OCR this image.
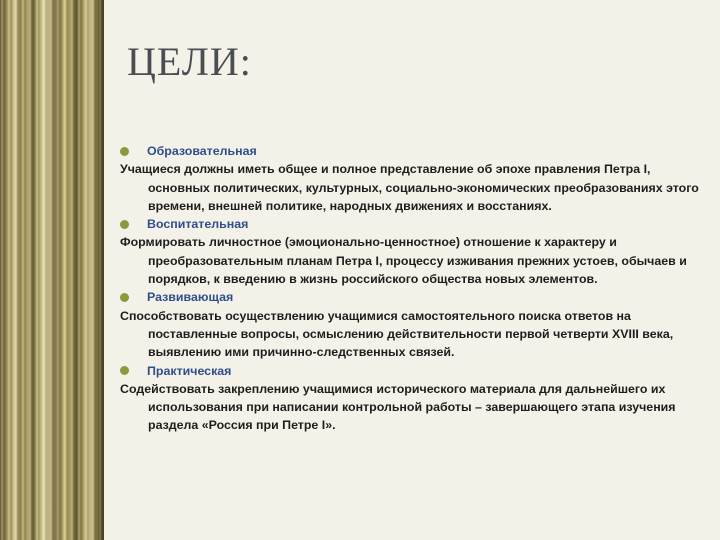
ЦЕЛИ:
Образовательная

Учащиеся должны иметь общее и полное представление об эпохе правления Петра I, основных политических, культурных, социально-экономических преобразованиях этого времени, внешней политике, народных движениях и восстаниях.

Воспитательная

Формировать личностное (эмоционально-ценностное) отношение к характеру и преобразовательным планам Петра I, процессу изживания прежних устоев, обычаев и порядков, к введению в жизнь российского общества новых элементов.

Развивающая

Способствовать осуществлению учащимися самостоятельного поиска ответов на поставленные вопросы, осмыслению действительности первой четверти XVIII века, выявлению ими причинно-следственных связей.

Практическая

Содействовать закреплению учащимися исторического материала для дальнейшего их использования при написании контрольной работы – завершающего этапа изучения раздела «Россия при Петре I».
